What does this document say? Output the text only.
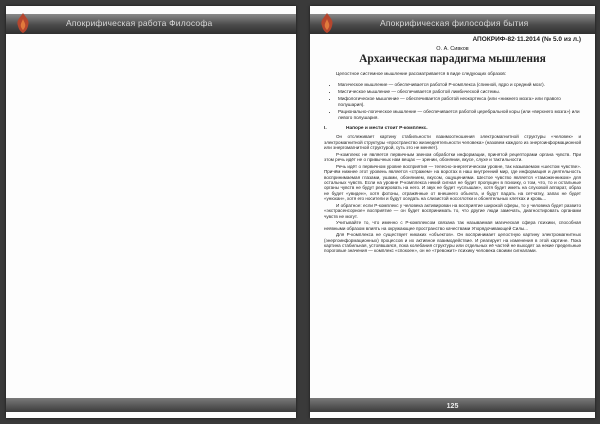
Апокрифическая работа Философа	Апокрифическая философия бытия
АПОКРИФ-82·11.2014 (№ 5.0 из л.)

О. А. Сивков

Архаическая парадигма мышления

Целостное системное мышление рассматривается в виде следующих образов:

• Магическое мышление — обеспечивается работой Р-комплекса (спинной, ядро и средний мозг).
• Мистическое мышление — обеспечивается работой лимбической системы.
• Мифологическое мышление — обеспечивается работой неокортекса (или «нижнего мозга» или правого полушария).
• Рационально-логическое мышление — обеспечивается работой церебральной коры (или «верхнего мозга») или левого полушария.
I.	Напоре и мести стоит Р-комплекс.

Он отслеживает картину стабильности взаимоотношения электромагнитной структуры «человек» и электромагнитной структуры «пространство жизнедеятельности человека» (назовем каждого из энергоинформационной или энергомагнитной структурой, суть это не меняет).

Р-комплекс не является первичным звеном обработки информации, принятой рецепторами органа чувств. При этом речь идёт не о привычных нам вещах — зрении, обонянии, вкусе, слухе и тактильности.

Речь идёт о первичном уровне восприятия — телесно-энергетическом уровне, так называемом «шестом чувстве». Причём нижнее этот уровень является «стражем» на воротах в наш внутренний мир, где информация и деятельность воспринимаемая глазами, ушами, обонянием, вкусом, ощущениями. Шестое чувство является «таможенником» для остальных чувств. Если на уровне Р-комплекса некий сигнал не будет пропущен в психику, о том, что, то и остальные органы чувств не будут реагировать на него. И звук не будет «услышан», хотя будет иметь на слуховой аппарат, образ не будет «увиден», хотя фотоны, отражённые от внешнего объекта, и будут падать на сетчатку, запах не будет «унюхан», хотя его носители и будут оседать на слизистой носоглотки и обонятельных клетках и кровь...

И обратное: если Р-комплекс у человека активирован на восприятие широкой сферы, то у человека будет развито «экстрасенсорное» восприятие — он будет воспринимать то, что другие люди замечать, диагностировать органами чувств не могут.

Учитывайте то, что именно с Р-комплексом связана так называемая магическая сфера психики, способная неявными образом влиять на окружающее пространство качествами Упорядочивающей Силы...

Для Р-комплекса не существует никаких «объектов». Он воспринимает целостную картину электромагнитных (энергоинформационных) процессов и их активное взаимодействие. И реагирует на изменения в этой картине. Пока картина стабильная, устоявшаяся, пока колебания структуры или отдельных её частей не выходят за некие предельные пороговые значения — комплекс «спокоен», он не «тревожит» психику человека своими сигналами.

125
